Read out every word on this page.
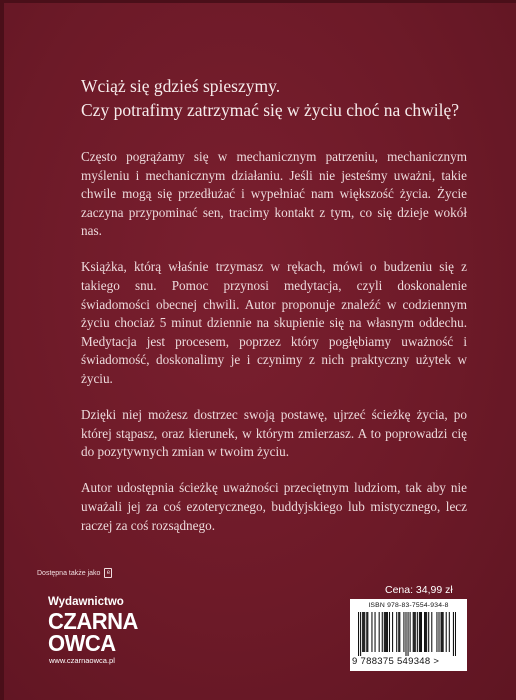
Wciąż się gdzieś spieszymy.
Czy potrafimy zatrzymać się w życiu choć na chwilę?

Często pogrążamy się w mechanicznym patrzeniu, mechanicznym myśleniu i mechanicznym działaniu. Jeśli nie jesteśmy uważni, takie chwile mogą się przedłużać i wypełniać nam większość życia. Życie zaczyna przypominać sen, tracimy kontakt z tym, co się dzieje wokół nas.

Książka, którą właśnie trzymasz w rękach, mówi o budzeniu się z takiego snu. Pomoc przynosi medytacja, czyli doskonalenie świadomości obecnej chwili. Autor proponuje znaleźć w codziennym życiu chociaż 5 minut dziennie na skupienie się na własnym oddechu. Medytacja jest procesem, poprzez który pogłębiamy uważność i świadomość, doskonalimy je i czynimy z nich praktyczny użytek w życiu.

Dzięki niej możesz dostrzec swoją postawę, ujrzeć ścieżkę życia, po której stąpasz, oraz kierunek, w którym zmierzasz. A to poprowadzi cię do pozytywnych zmian w twoim życiu.

Autor udostępnia ścieżkę uważności przeciętnym ludziom, tak aby nie uważali jej za coś ezoterycznego, buddyjskiego lub mistycznego, lecz raczej za coś rozsądnego.

Dostępna także jako	e
Wydawnictwo
CZARNA
OWCA
www.czarnaowca.pl
Cena: 34,99 zł
ISBN 978-83-7554-934-8
9 788375 549348 >
